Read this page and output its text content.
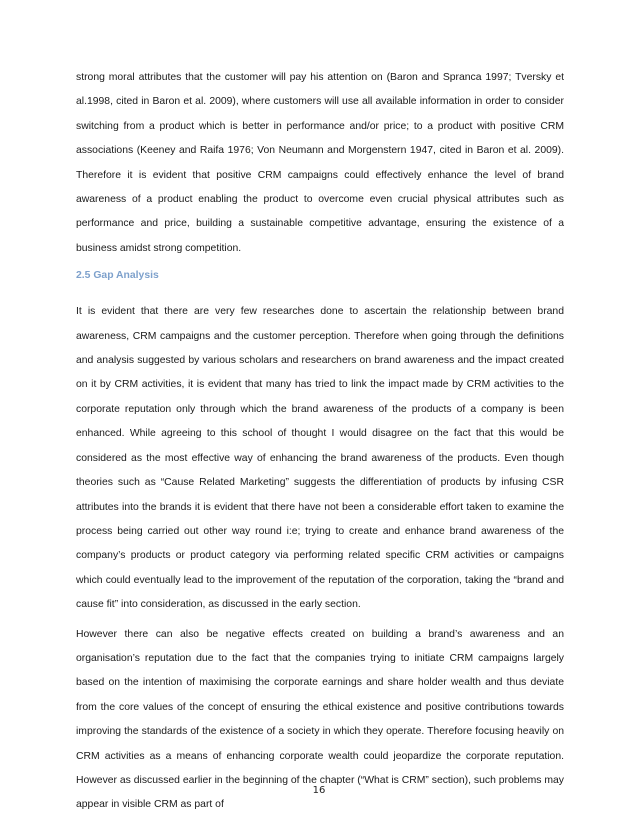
strong moral attributes that the customer will pay his attention on (Baron and Spranca 1997; Tversky et al.1998, cited in Baron et al. 2009), where customers will use all available information in order to consider switching from a product which is better in performance and/or price; to a product with positive CRM associations (Keeney and Raifa 1976; Von Neumann and Morgenstern 1947, cited in Baron et al. 2009). Therefore it is evident that positive CRM campaigns could effectively enhance the level of brand awareness of a product enabling the product to overcome even crucial physical attributes such as performance and price, building a sustainable competitive advantage, ensuring the existence of a business amidst strong competition.

2.5 Gap Analysis

It is evident that there are very few researches done to ascertain the relationship between brand awareness, CRM campaigns and the customer perception. Therefore when going through the definitions and analysis suggested by various scholars and researchers on brand awareness and the impact created on it by CRM activities, it is evident that many has tried to link the impact made by CRM activities to the corporate reputation only through which the brand awareness of the products of a company is been enhanced. While agreeing to this school of thought I would disagree on the fact that this would be considered as the most effective way of enhancing the brand awareness of the products. Even though theories such as “Cause Related Marketing” suggests the differentiation of products by infusing CSR attributes into the brands it is evident that there have not been a considerable effort taken to examine the process being carried out other way round i:e; trying to create and enhance brand awareness of the company’s products or product category via performing related specific CRM activities or campaigns which could eventually lead to the improvement of the reputation of the corporation, taking the “brand and cause fit” into consideration, as discussed in the early section.

However there can also be negative effects created on building a brand’s awareness and an organisation’s reputation due to the fact that the companies trying to initiate CRM campaigns largely based on the intention of maximising the corporate earnings and share holder wealth and thus deviate from the core values of the concept of ensuring the ethical existence and positive contributions towards improving the standards of the existence of a society in which they operate. Therefore focusing heavily on CRM activities as a means of enhancing corporate wealth could jeopardize the corporate reputation. However as discussed earlier in the beginning of the chapter (“What is CRM” section), such problems may appear in visible CRM as part of

16
